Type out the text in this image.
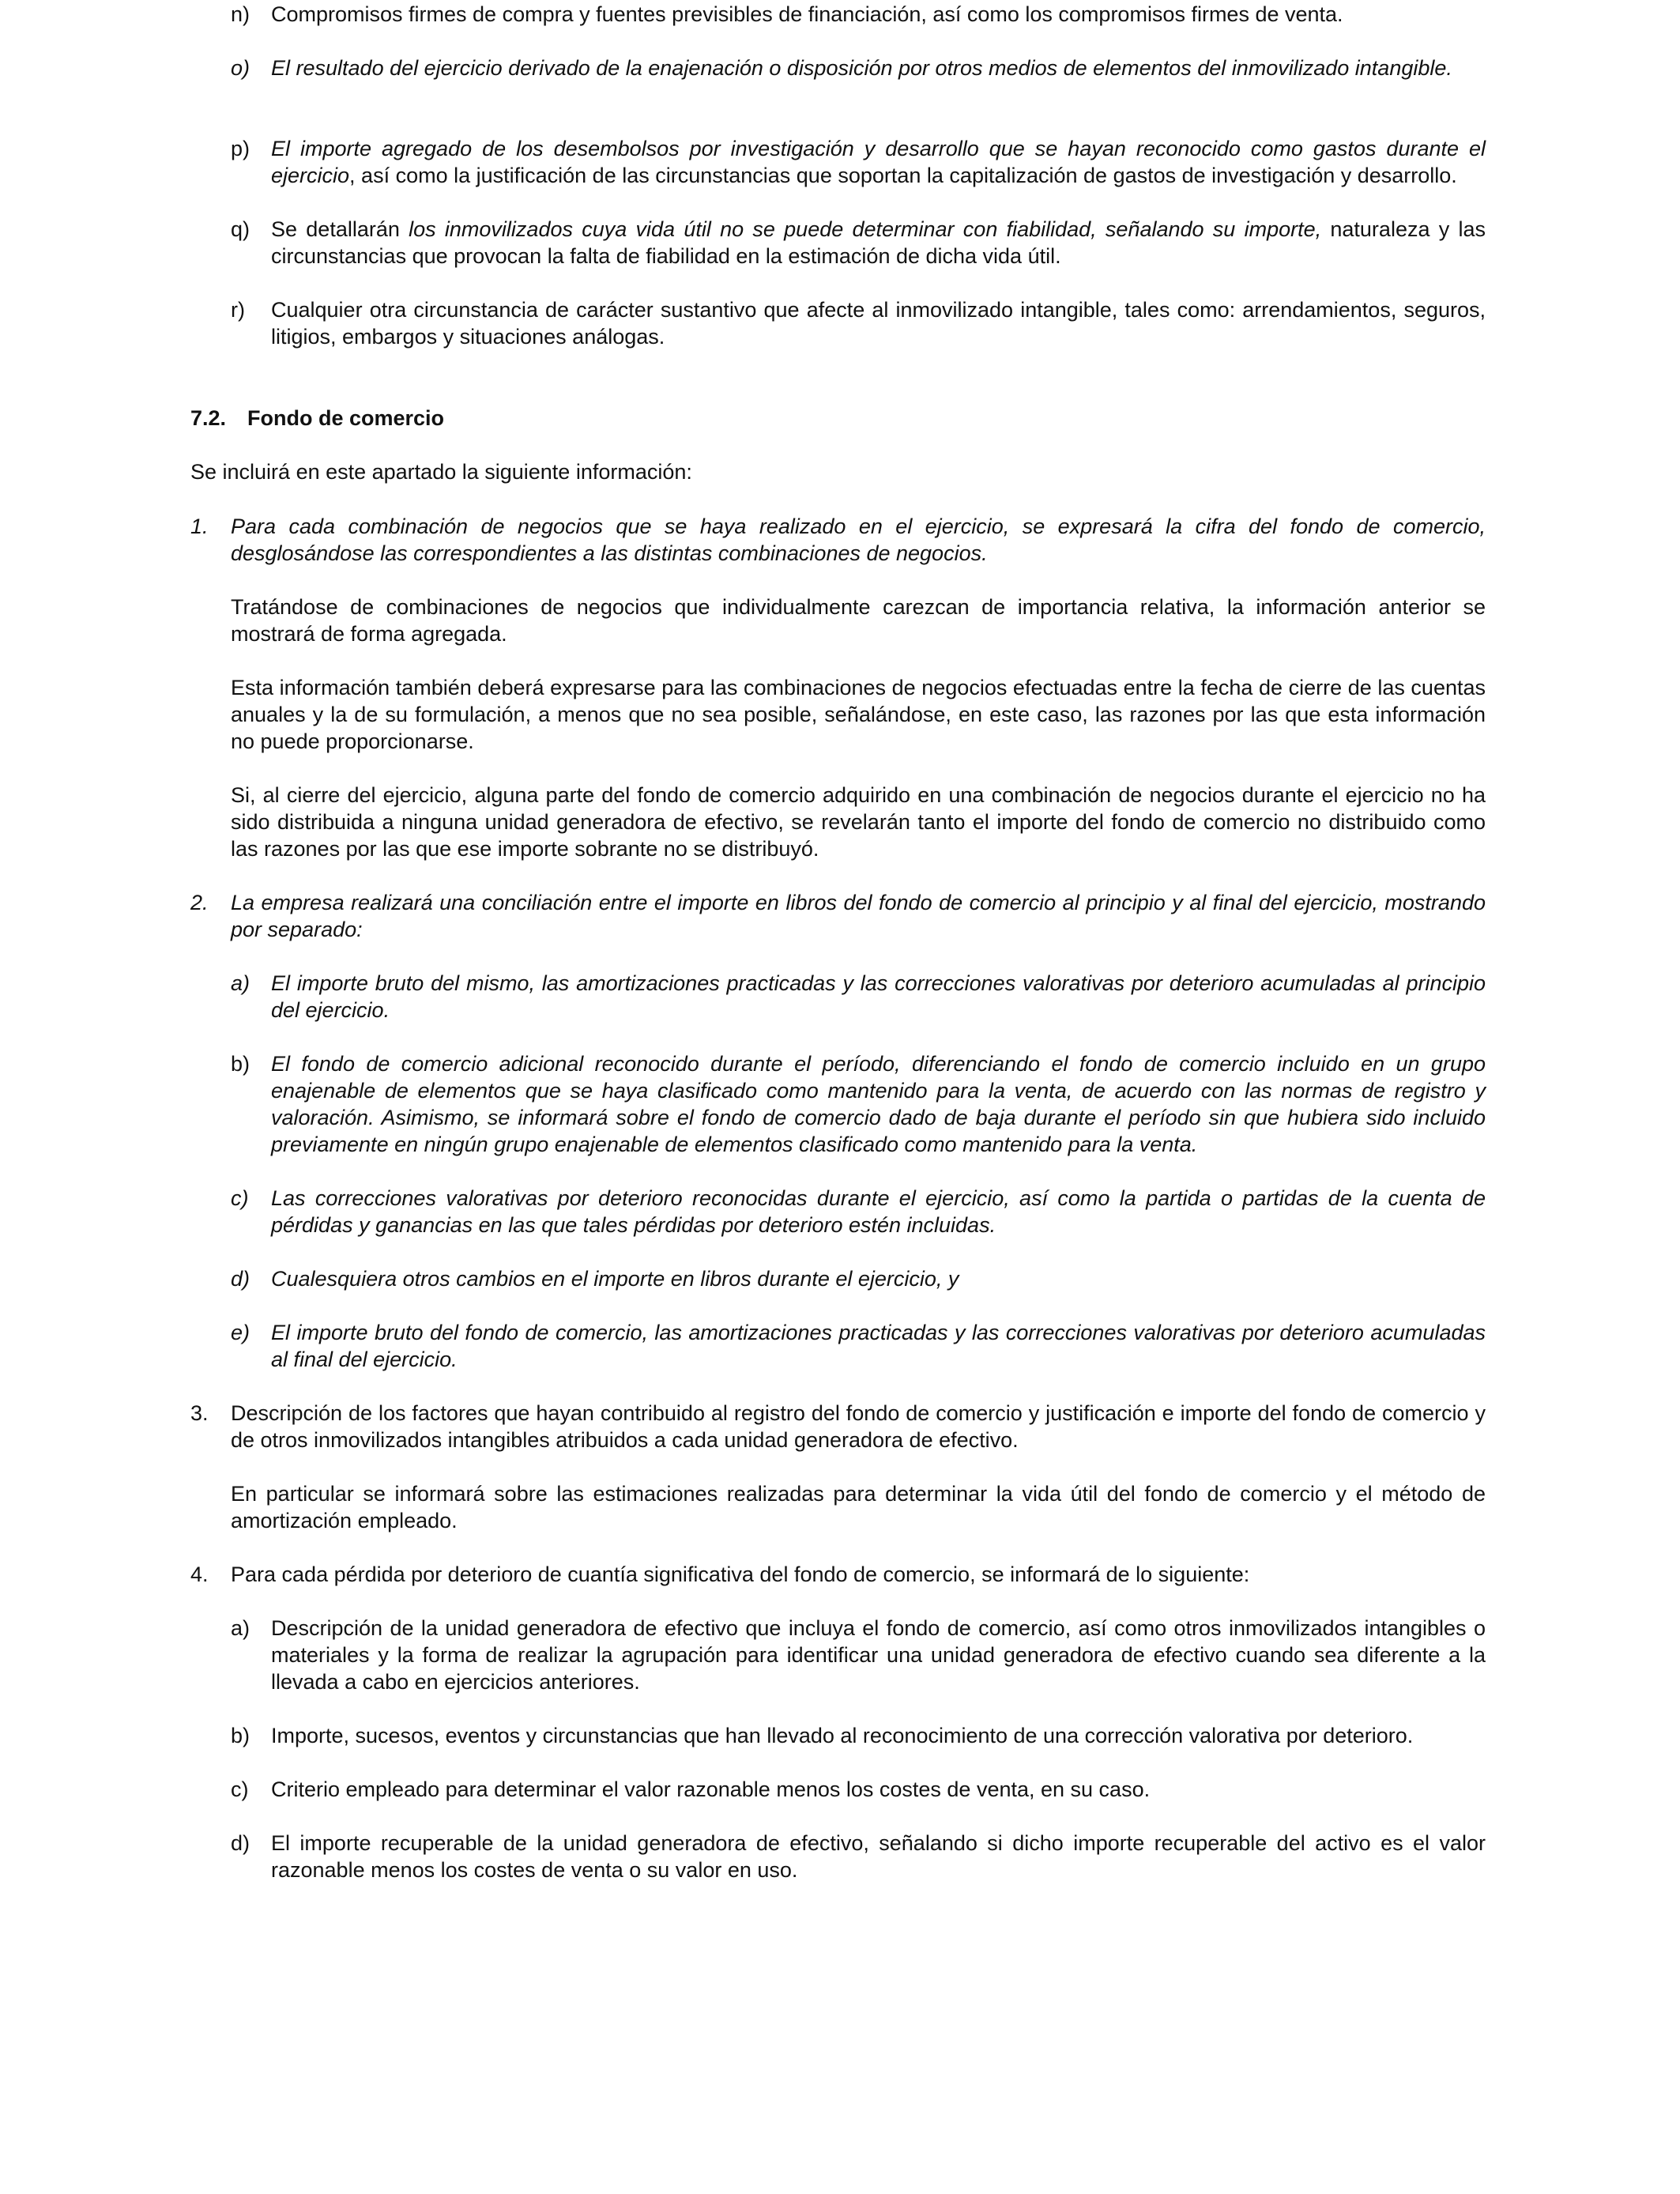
n) Compromisos firmes de compra y fuentes previsibles de financiación, así como los compromisos firmes de venta.
o) El resultado del ejercicio derivado de la enajenación o disposición por otros medios de elementos del inmovilizado intangible.
p) El importe agregado de los desembolsos por investigación y desarrollo que se hayan reconocido como gastos durante el ejercicio, así como la justificación de las circunstancias que soportan la capitalización de gastos de investigación y desarrollo.
q) Se detallarán los inmovilizados cuya vida útil no se puede determinar con fiabilidad, señalando su importe, naturaleza y las circunstancias que provocan la falta de fiabilidad en la estimación de dicha vida útil.
r) Cualquier otra circunstancia de carácter sustantivo que afecte al inmovilizado intangible, tales como: arrendamientos, seguros, litigios, embargos y situaciones análogas.
7.2. Fondo de comercio
Se incluirá en este apartado la siguiente información:
1. Para cada combinación de negocios que se haya realizado en el ejercicio, se expresará la cifra del fondo de comercio, desglosándose las correspondientes a las distintas combinaciones de negocios.
Tratándose de combinaciones de negocios que individualmente carezcan de importancia relativa, la información anterior se mostrará de forma agregada.
Esta información también deberá expresarse para las combinaciones de negocios efectuadas entre la fecha de cierre de las cuentas anuales y la de su formulación, a menos que no sea posible, señalándose, en este caso, las razones por las que esta información no puede proporcionarse.
Si, al cierre del ejercicio, alguna parte del fondo de comercio adquirido en una combinación de negocios durante el ejercicio no ha sido distribuida a ninguna unidad generadora de efectivo, se revelarán tanto el importe del fondo de comercio no distribuido como las razones por las que ese importe sobrante no se distribuyó.
2. La empresa realizará una conciliación entre el importe en libros del fondo de comercio al principio y al final del ejercicio, mostrando por separado:
a) El importe bruto del mismo, las amortizaciones practicadas y las correcciones valorativas por deterioro acumuladas al principio del ejercicio.
b) El fondo de comercio adicional reconocido durante el período, diferenciando el fondo de comercio incluido en un grupo enajenable de elementos que se haya clasificado como mantenido para la venta, de acuerdo con las normas de registro y valoración. Asimismo, se informará sobre el fondo de comercio dado de baja durante el período sin que hubiera sido incluido previamente en ningún grupo enajenable de elementos clasificado como mantenido para la venta.
c) Las correcciones valorativas por deterioro reconocidas durante el ejercicio, así como la partida o partidas de la cuenta de pérdidas y ganancias en las que tales pérdidas por deterioro estén incluidas.
d) Cualesquiera otros cambios en el importe en libros durante el ejercicio, y
e) El importe bruto del fondo de comercio, las amortizaciones practicadas y las correcciones valorativas por deterioro acumuladas al final del ejercicio.
3. Descripción de los factores que hayan contribuido al registro del fondo de comercio y justificación e importe del fondo de comercio y de otros inmovilizados intangibles atribuidos a cada unidad generadora de efectivo.
En particular se informará sobre las estimaciones realizadas para determinar la vida útil del fondo de comercio y el método de amortización empleado.
4. Para cada pérdida por deterioro de cuantía significativa del fondo de comercio, se informará de lo siguiente:
a) Descripción de la unidad generadora de efectivo que incluya el fondo de comercio, así como otros inmovilizados intangibles o materiales y la forma de realizar la agrupación para identificar una unidad generadora de efectivo cuando sea diferente a la llevada a cabo en ejercicios anteriores.
b) Importe, sucesos, eventos y circunstancias que han llevado al reconocimiento de una corrección valorativa por deterioro.
c) Criterio empleado para determinar el valor razonable menos los costes de venta, en su caso.
d) El importe recuperable de la unidad generadora de efectivo, señalando si dicho importe recuperable del activo es el valor razonable menos los costes de venta o su valor en uso.
